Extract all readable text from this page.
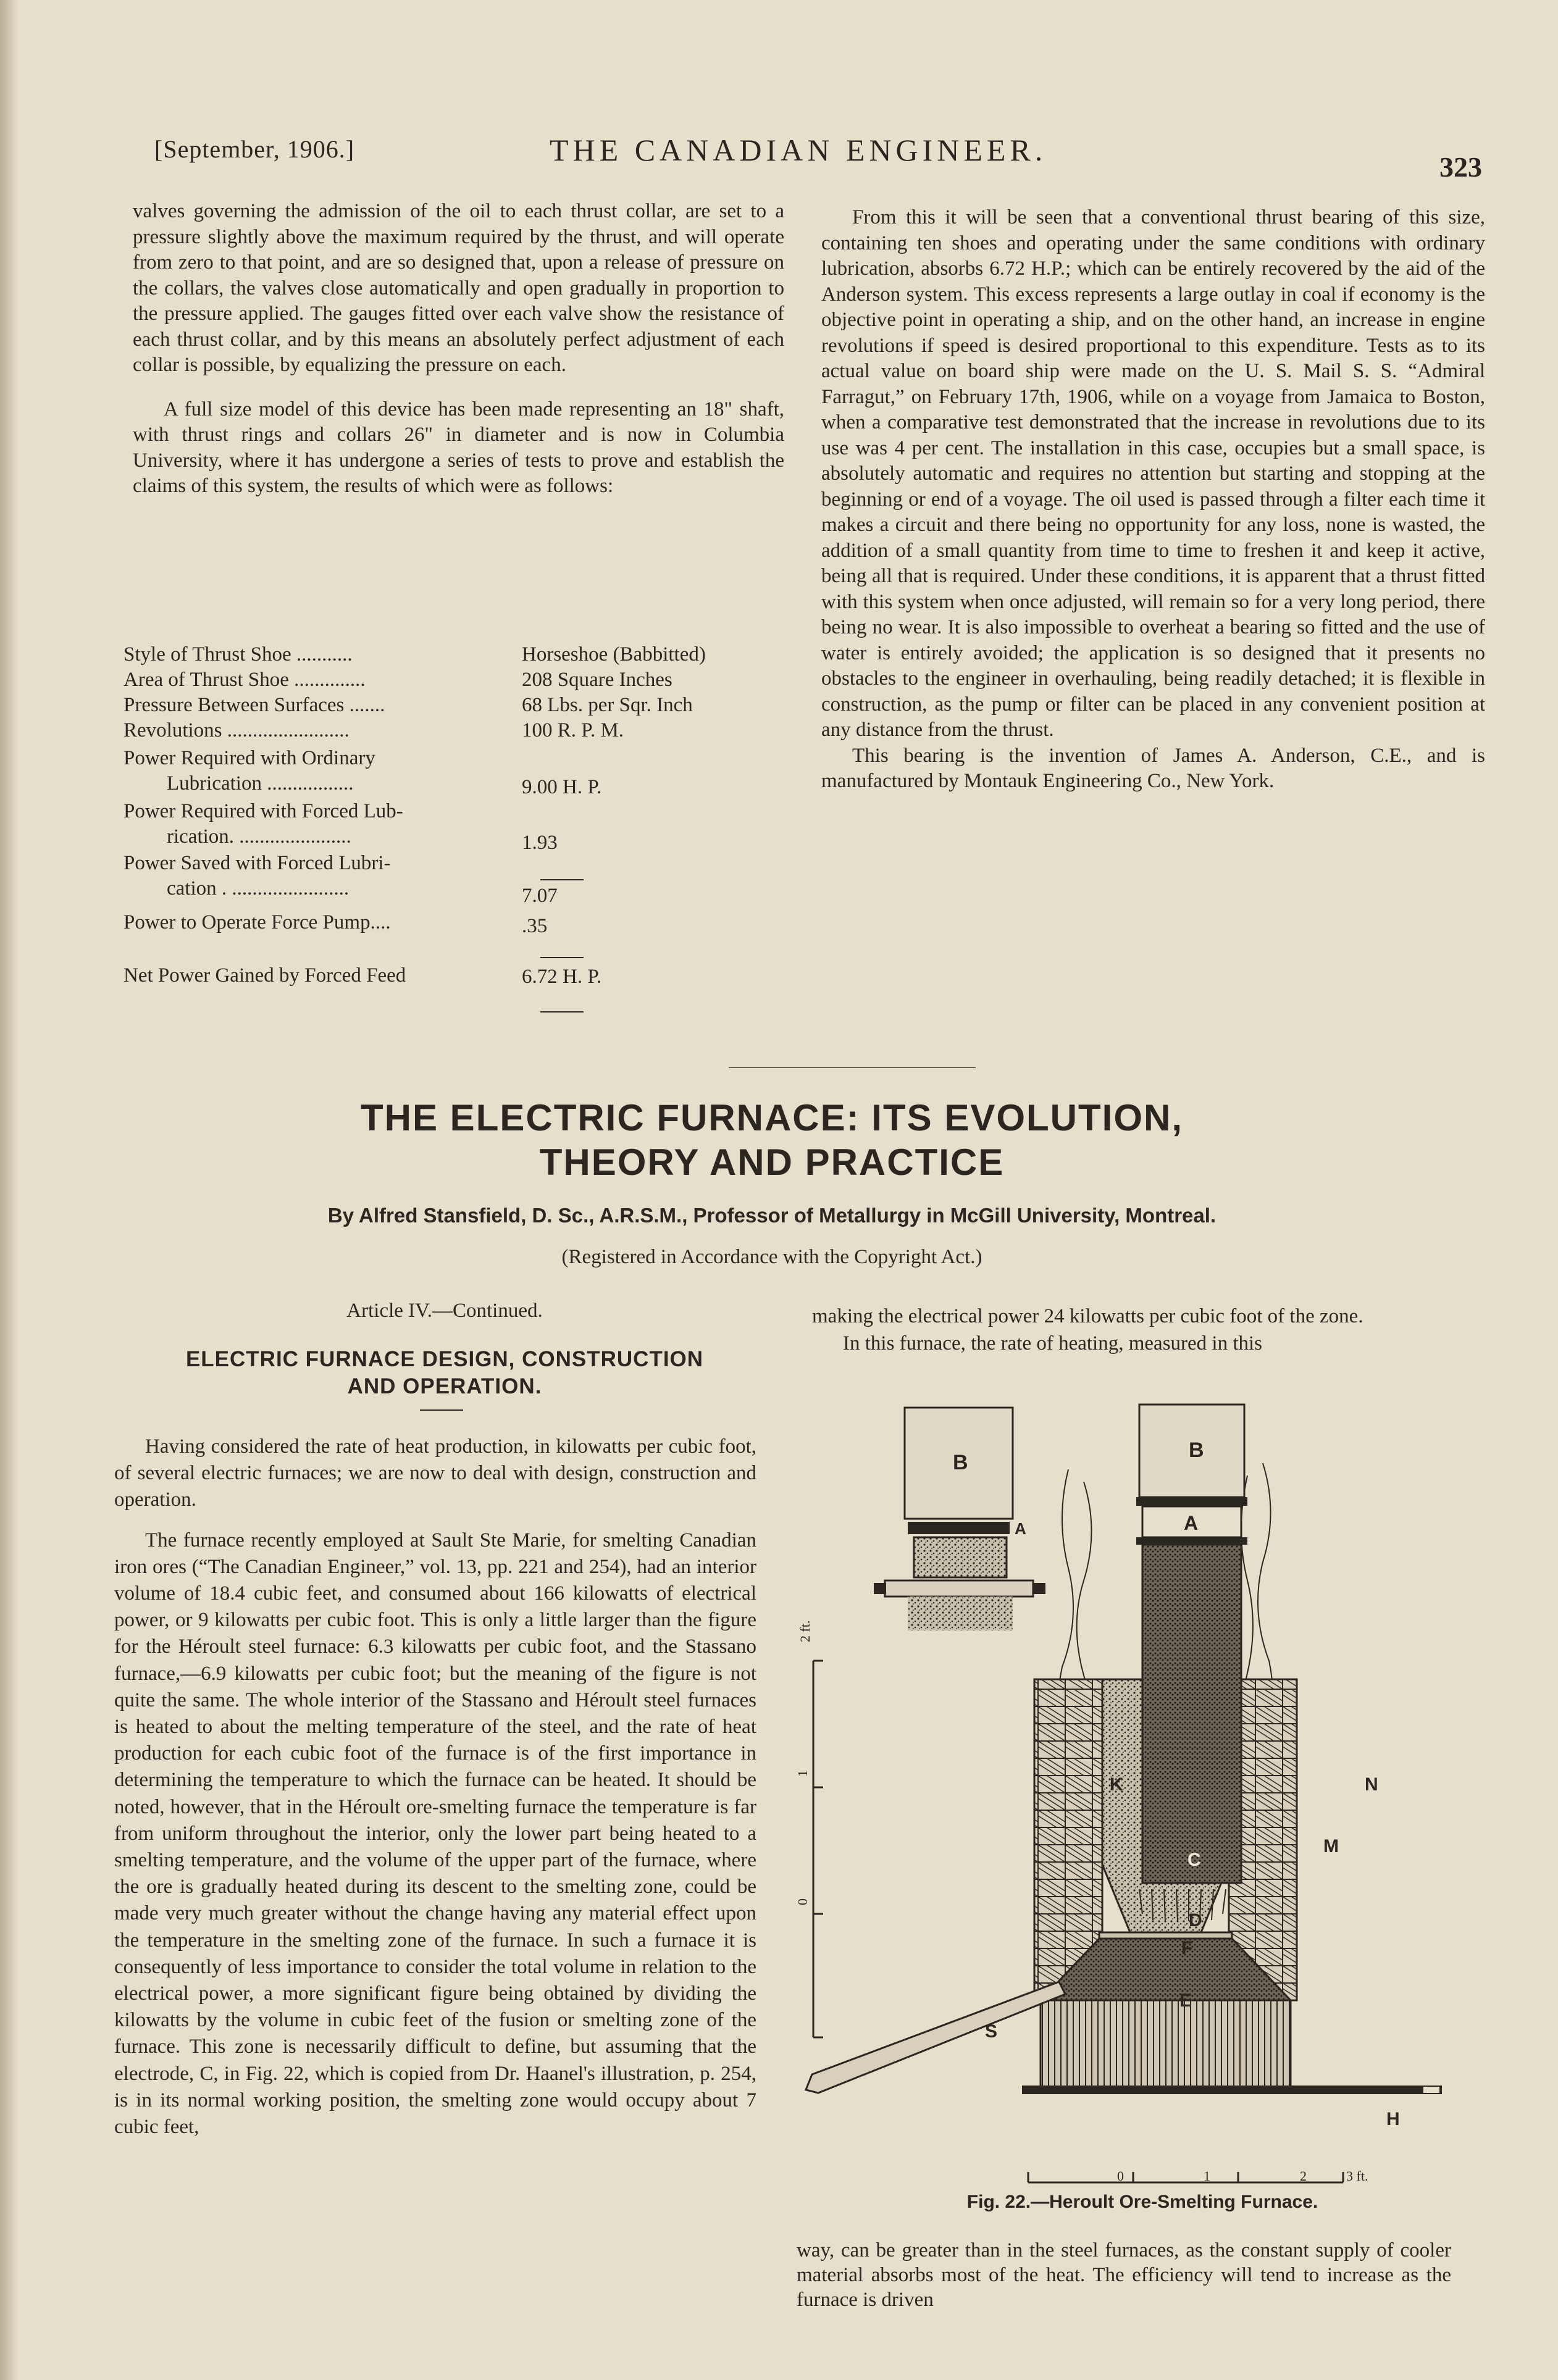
[September, 1906.]	THE CANADIAN ENGINEER.	323

valves governing the admission of the oil to each thrust collar, are set to a pressure slightly above the maximum required by the thrust, and will operate from zero to that point, and are so designed that, upon a release of pressure on the collars, the valves close automatically and open gradually in proportion to the pressure applied. The gauges fitted over each valve show the resistance of each thrust collar, and by this means an absolutely perfect adjustment of each collar is possible, by equalizing the pressure on each.

A full size model of this device has been made representing an 18" shaft, with thrust rings and collars 26" in diameter and is now in Columbia University, where it has undergone a series of tests to prove and establish the claims of this system, the results of which were as follows:

Style of Thrust Shoe ...........	Horseshoe (Babbitted)
Area of Thrust Shoe ..............	208 Square Inches
Pressure Between Surfaces .......	68 Lbs. per Sqr. Inch
Revolutions ........................	100 R. P. M.
Power Required with Ordinary
Lubrication .................	9.00 H. P.
Power Required with Forced Lub-
rication. ......................	1.93
Power Saved with Forced Lubri-
cation . .......................	7.07
Power to Operate Force Pump....	.35
Net Power Gained by Forced Feed	6.72 H. P.

From this it will be seen that a conventional thrust bearing of this size, containing ten shoes and operating under the same conditions with ordinary lubrication, absorbs 6.72 H.P.; which can be entirely recovered by the aid of the Anderson system. This excess represents a large outlay in coal if economy is the objective point in operating a ship, and on the other hand, an increase in engine revolutions if speed is desired proportional to this expenditure. Tests as to its actual value on board ship were made on the U. S. Mail S. S. “Admiral Farragut,” on February 17th, 1906, while on a voyage from Jamaica to Boston, when a comparative test demonstrated that the increase in revolutions due to its use was 4 per cent. The installation in this case, occupies but a small space, is absolutely automatic and requires no attention but starting and stopping at the beginning or end of a voyage. The oil used is passed through a filter each time it makes a circuit and there being no opportunity for any loss, none is wasted, the addition of a small quantity from time to time to freshen it and keep it active, being all that is required. Under these conditions, it is apparent that a thrust fitted with this system when once adjusted, will remain so for a very long period, there being no wear. It is also impossible to overheat a bearing so fitted and the use of water is entirely avoided; the application is so designed that it presents no obstacles to the engineer in overhauling, being readily detached; it is flexible in construction, as the pump or filter can be placed in any convenient position at any distance from the thrust.

This bearing is the invention of James A. Anderson, C.E., and is manufactured by Montauk Engineering Co., New York.

THE ELECTRIC FURNACE: ITS EVOLUTION,
THEORY AND PRACTICE
By Alfred Stansfield, D. Sc., A.R.S.M., Professor of Metallurgy in McGill University, Montreal.
(Registered in Accordance with the Copyright Act.)
Article IV.—Continued.
ELECTRIC FURNACE DESIGN, CONSTRUCTION
AND OPERATION.

Having considered the rate of heat production, in kilowatts per cubic foot, of several electric furnaces; we are now to deal with design, construction and operation.

The furnace recently employed at Sault Ste Marie, for smelting Canadian iron ores (“The Canadian Engineer,” vol. 13, pp. 221 and 254), had an interior volume of 18.4 cubic feet, and consumed about 166 kilowatts of electrical power, or 9 kilowatts per cubic foot. This is only a little larger than the figure for the Héroult steel furnace: 6.3 kilowatts per cubic foot, and the Stassano furnace,—6.9 kilowatts per cubic foot; but the meaning of the figure is not quite the same. The whole interior of the Stassano and Héroult steel furnaces is heated to about the melting temperature of the steel, and the rate of heat production for each cubic foot of the furnace is of the first importance in determining the temperature to which the furnace can be heated. It should be noted, however, that in the Héroult ore-smelting furnace the temperature is far from uniform throughout the interior, only the lower part being heated to a smelting temperature, and the volume of the upper part of the furnace, where the ore is gradually heated during its descent to the smelting zone, could be made very much greater without the change having any material effect upon the temperature in the smelting zone of the furnace. In such a furnace it is consequently of less importance to consider the total volume in relation to the electrical power, a more significant figure being obtained by dividing the kilowatts by the volume in cubic feet of the fusion or smelting zone of the furnace. This zone is necessarily difficult to define, but assuming that the electrode, C, in Fig. 22, which is copied from Dr. Haanel's illustration, p. 254, is in its normal working position, the smelting zone would occupy about 7 cubic feet,

making the electrical power 24 kilowatts per cubic foot of the zone.

In this furnace, the rate of heating, measured in this

B
A
2 ft.
1
0
B
A
K
C
D
F
E
M
N
S
H
0	1	2	3 ft.
Fig. 22.—Heroult Ore-Smelting Furnace.

way, can be greater than in the steel furnaces, as the constant supply of cooler material absorbs most of the heat. The efficiency will tend to increase as the furnace is driven
